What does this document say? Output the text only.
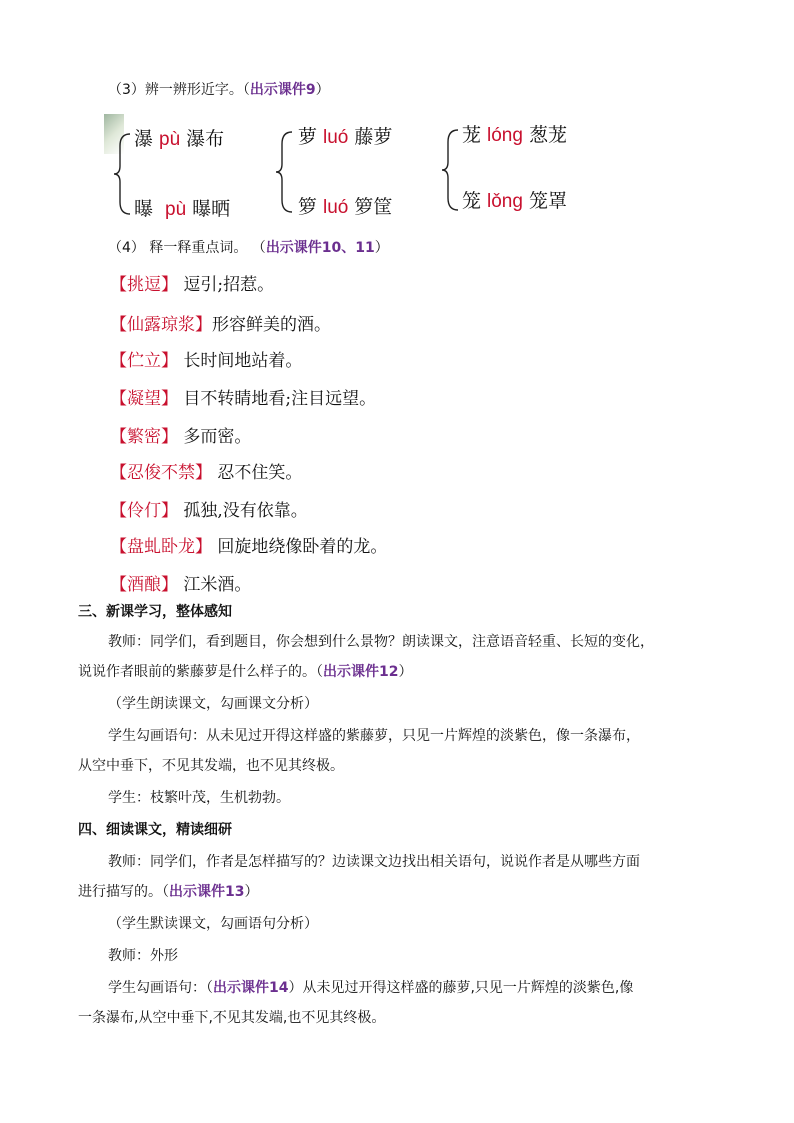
（3）辨一辨形近字。（出示课件9）
瀑 pù 瀑布
曝 pù 曝晒
萝 luó 藤萝
箩 luó 箩筐
茏 lóng 葱茏
笼 lǒng 笼罩
（4） 释一释重点词。 （出示课件10、11）
【挑逗】 逗引;招惹。
【仙露琼浆】形容鲜美的酒。
【伫立】 长时间地站着。
【凝望】 目不转睛地看;注目远望。
【繁密】 多而密。
【忍俊不禁】 忍不住笑。
【伶仃】 孤独,没有依靠。
【盘虬卧龙】 回旋地绕像卧着的龙。
【酒酿】 江米酒。
三、新课学习，整体感知
教师：同学们，看到题目，你会想到什么景物？朗读课文，注意语音轻重、长短的变化，
说说作者眼前的紫藤萝是什么样子的。（出示课件12）
（学生朗读课文，勾画课文分析）
学生勾画语句：从未见过开得这样盛的紫藤萝，只见一片辉煌的淡紫色，像一条瀑布，
从空中垂下，不见其发端，也不见其终极。
学生：枝繁叶茂，生机勃勃。
四、细读课文，精读细研
教师：同学们，作者是怎样描写的？边读课文边找出相关语句，说说作者是从哪些方面
进行描写的。（出示课件13）
（学生默读课文，勾画语句分析）
教师：外形
学生勾画语句：（出示课件14）从未见过开得这样盛的藤萝,只见一片辉煌的淡紫色,像
一条瀑布,从空中垂下,不见其发端,也不见其终极。
